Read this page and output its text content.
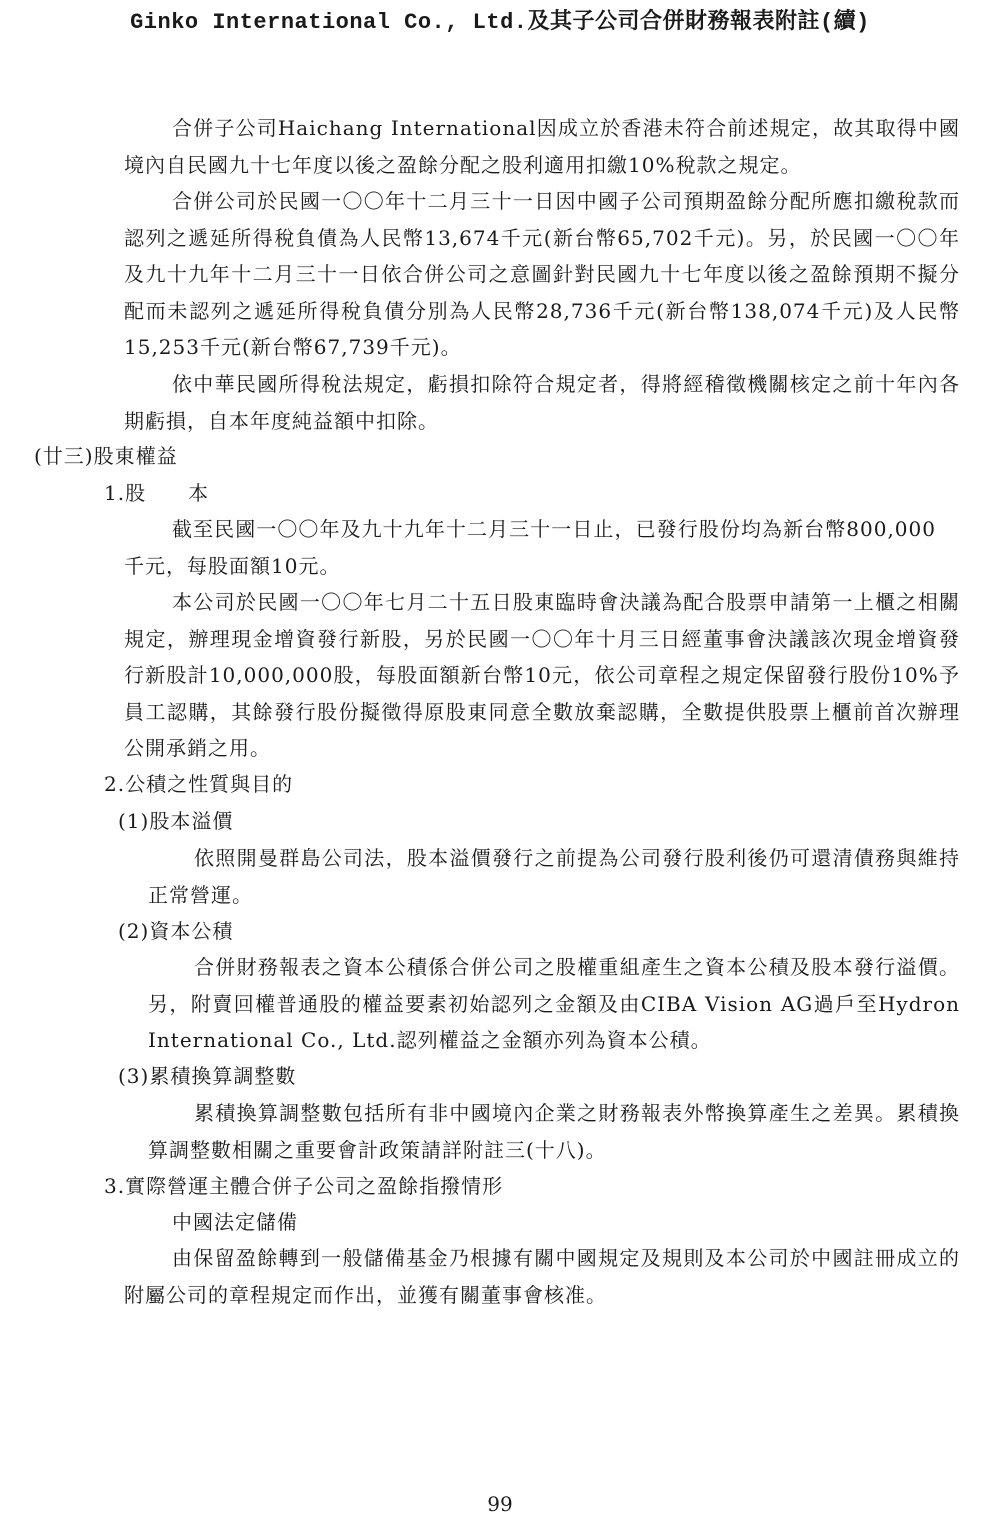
Ginko International Co., Ltd.及其子公司合併財務報表附註(續)
合併子公司Haichang International因成立於香港未符合前述規定，故其取得中國境內自民國九十七年度以後之盈餘分配之股利適用扣繳10%稅款之規定。
合併公司於民國一〇〇年十二月三十一日因中國子公司預期盈餘分配所應扣繳稅款而認列之遞延所得稅負債為人民幣13,674千元(新台幣65,702千元)。另，於民國一〇〇年及九十九年十二月三十一日依合併公司之意圖針對民國九十七年度以後之盈餘預期不擬分配而未認列之遞延所得稅負債分別為人民幣28,736千元(新台幣138,074千元)及人民幣15,253千元(新台幣67,739千元)。
依中華民國所得稅法規定，虧損扣除符合規定者，得將經稽徵機關核定之前十年內各期虧損，自本年度純益額中扣除。
(廿三)股東權益
1.股　　本
截至民國一〇〇年及九十九年十二月三十一日止，已發行股份均為新台幣800,000千元，每股面額10元。
本公司於民國一〇〇年七月二十五日股東臨時會決議為配合股票申請第一上櫃之相關規定，辦理現金增資發行新股，另於民國一〇〇年十月三日經董事會決議該次現金增資發行新股計10,000,000股，每股面額新台幣10元，依公司章程之規定保留發行股份10%予員工認購，其餘發行股份擬徵得原股東同意全數放棄認購，全數提供股票上櫃前首次辦理公開承銷之用。
2.公積之性質與目的
(1)股本溢價
依照開曼群島公司法，股本溢價發行之前提為公司發行股利後仍可還清債務與維持正常營運。
(2)資本公積
合併財務報表之資本公積係合併公司之股權重組產生之資本公積及股本發行溢價。另，附賣回權普通股的權益要素初始認列之金額及由CIBA Vision AG過戶至Hydron International Co., Ltd.認列權益之金額亦列為資本公積。
(3)累積換算調整數
累積換算調整數包括所有非中國境內企業之財務報表外幣換算產生之差異。累積換算調整數相關之重要會計政策請詳附註三(十八)。
3.實際營運主體合併子公司之盈餘指撥情形
中國法定儲備
由保留盈餘轉到一般儲備基金乃根據有關中國規定及規則及本公司於中國註冊成立的附屬公司的章程規定而作出，並獲有關董事會核准。
99
